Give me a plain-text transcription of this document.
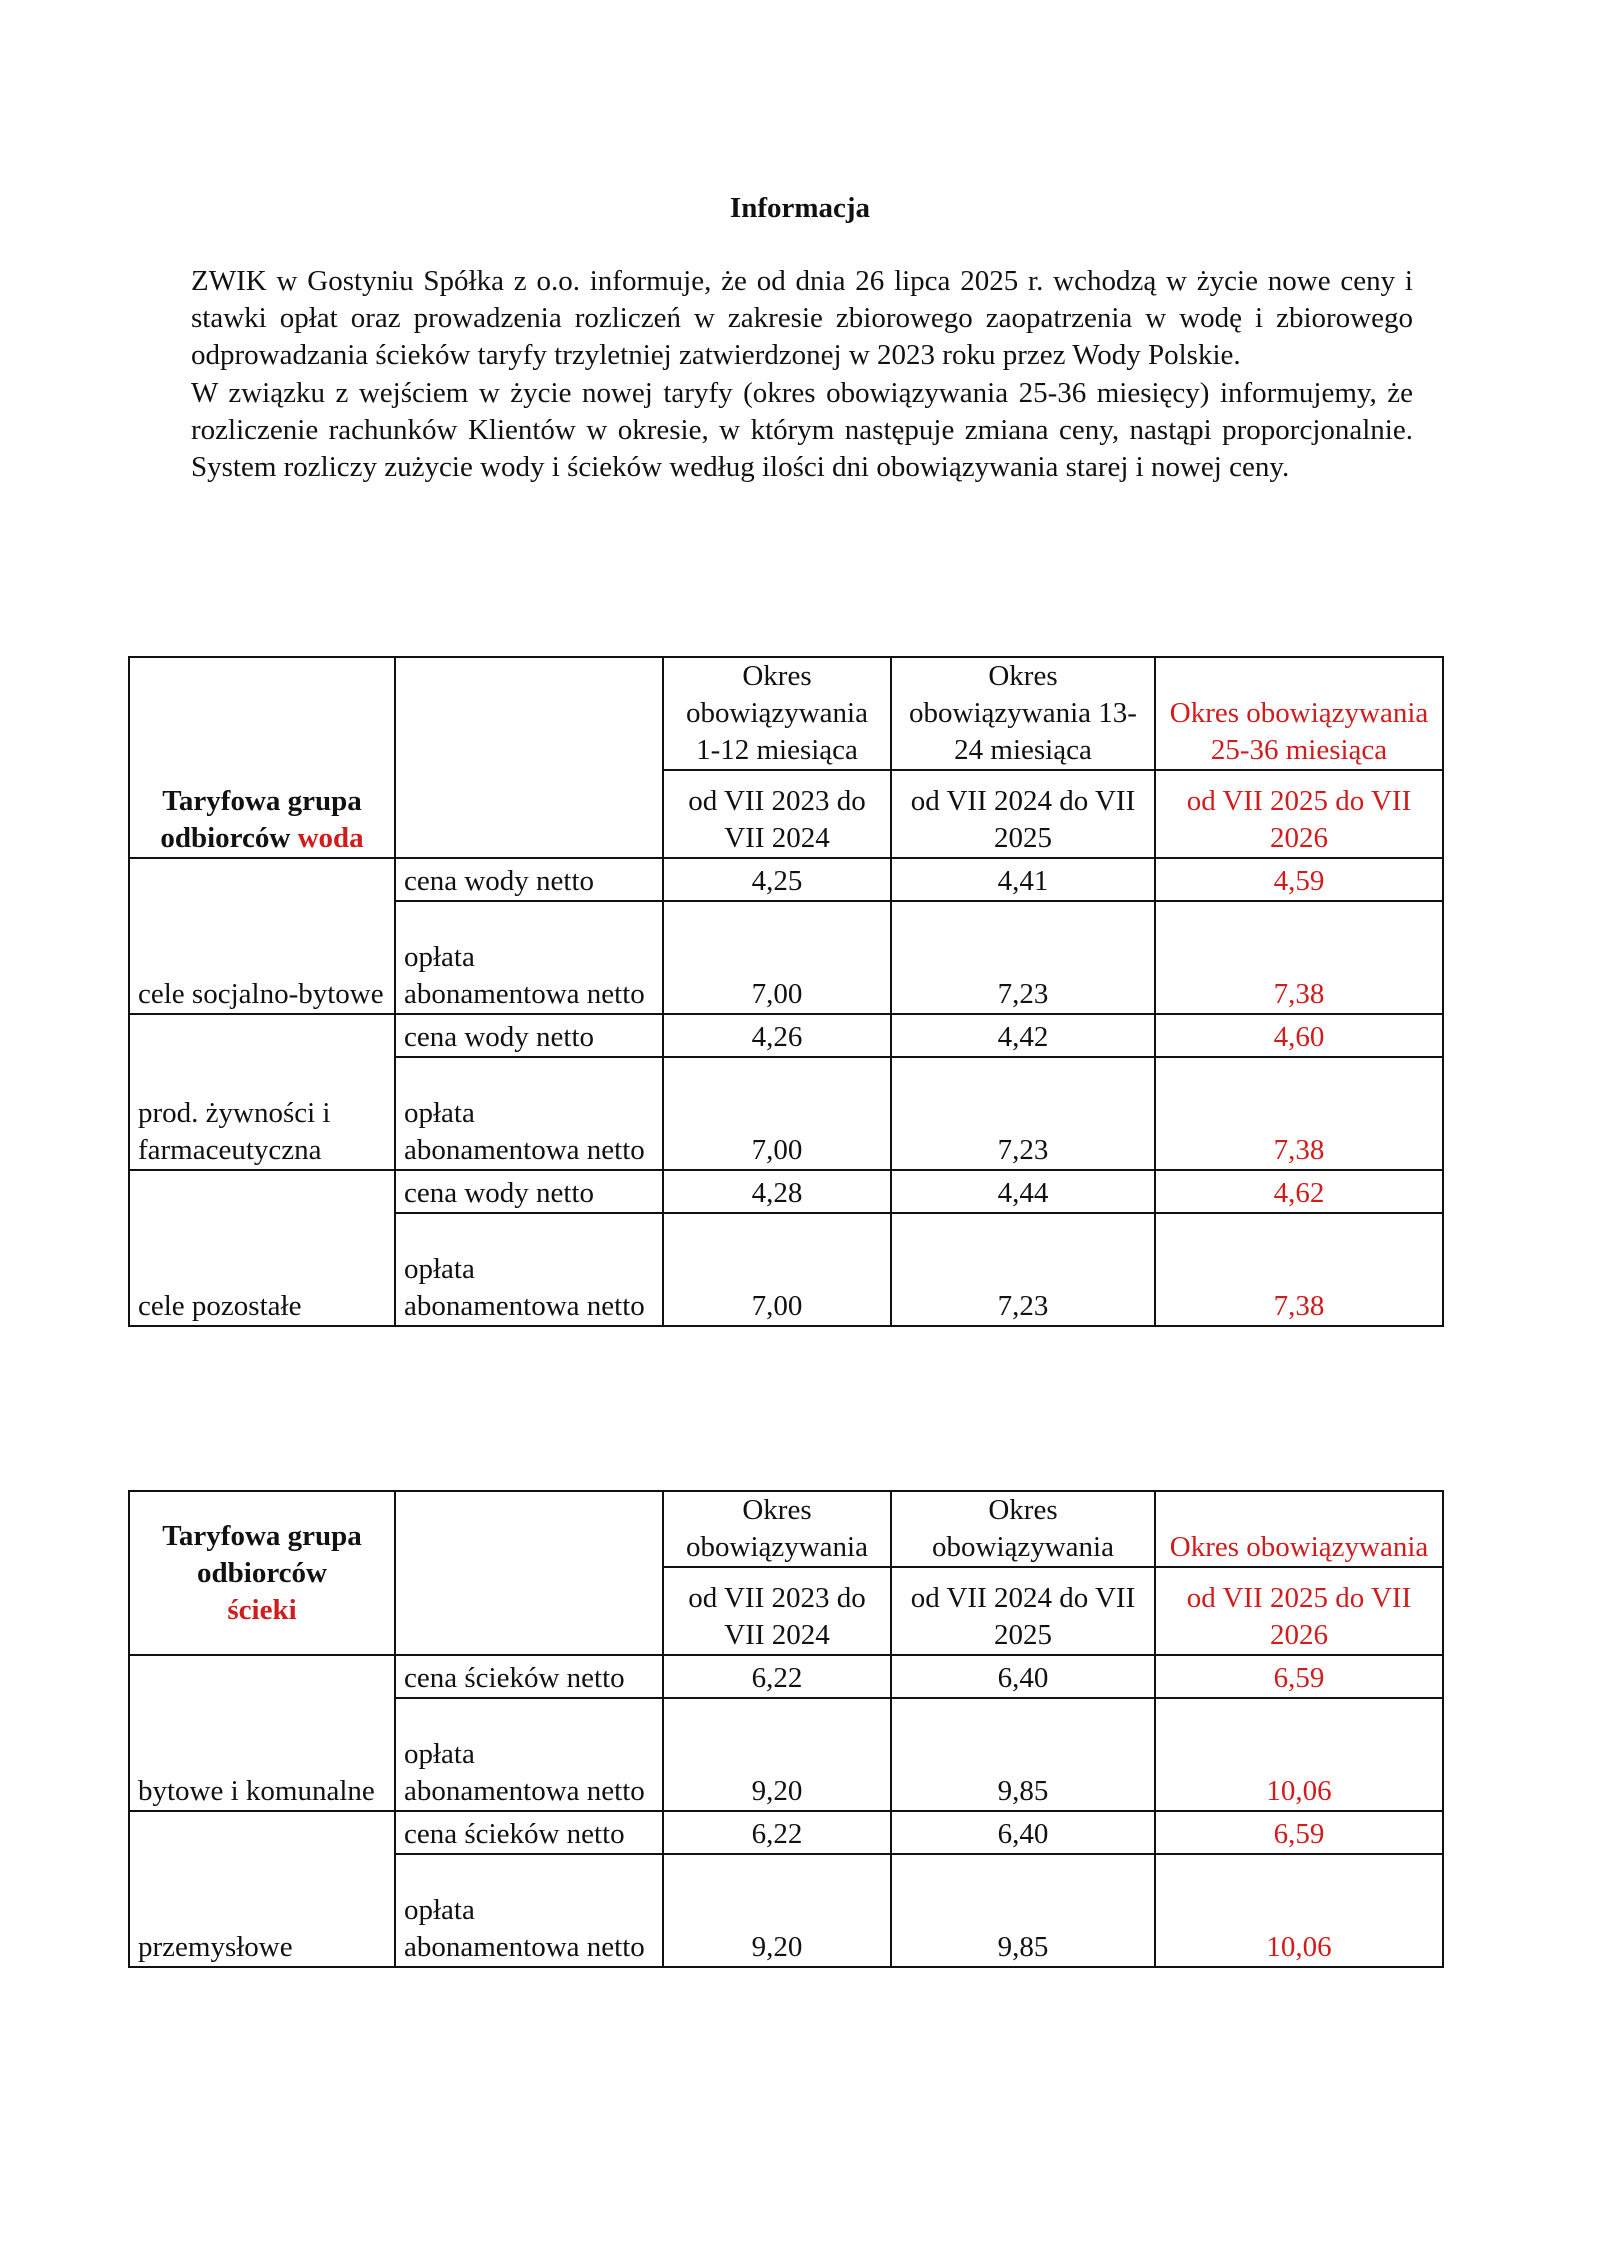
Informacja

ZWIK w Gostyniu Spółka z o.o. informuje, że od dnia 26 lipca 2025 r. wchodzą w życie nowe ceny i stawki opłat oraz prowadzenia rozliczeń w zakresie zbiorowego zaopatrzenia w wodę i zbiorowego odprowadzania ścieków taryfy trzyletniej zatwierdzonej w 2023 roku przez Wody Polskie.

W związku z wejściem w życie nowej taryfy (okres obowiązywania 25-36 miesięcy) informujemy, że rozliczenie rachunków Klientów w okresie, w którym następuje zmiana ceny, nastąpi proporcjonalnie. System rozliczy zużycie wody i ścieków według ilości dni obowiązywania starej i nowej ceny.

Taryfowa grupa odbiorców woda		Okres obowiązywania 1-12 miesiąca	Okres obowiązywania 13-24 miesiąca	Okres obowiązywania 25-36 miesiąca
		od VII 2023 do VII 2024	od VII 2024 do VII 2025	od VII 2025 do VII 2026
cele socjalno-bytowe	cena wody netto	4,25	4,41	4,59
	opłata abonamentowa netto	7,00	7,23	7,38
prod. żywności i farmaceutyczna	cena wody netto	4,26	4,42	4,60
	opłata abonamentowa netto	7,00	7,23	7,38
cele pozostałe	cena wody netto	4,28	4,44	4,62
	opłata abonamentowa netto	7,00	7,23	7,38
Taryfowa grupa odbiorców
ścieki		Okres obowiązywania	Okres obowiązywania	Okres obowiązywania
		od VII 2023 do VII 2024	od VII 2024 do VII 2025	od VII 2025 do VII 2026
bytowe i komunalne	cena ścieków netto	6,22	6,40	6,59
	opłata abonamentowa netto	9,20	9,85	10,06
przemysłowe	cena ścieków netto	6,22	6,40	6,59
	opłata abonamentowa netto	9,20	9,85	10,06
